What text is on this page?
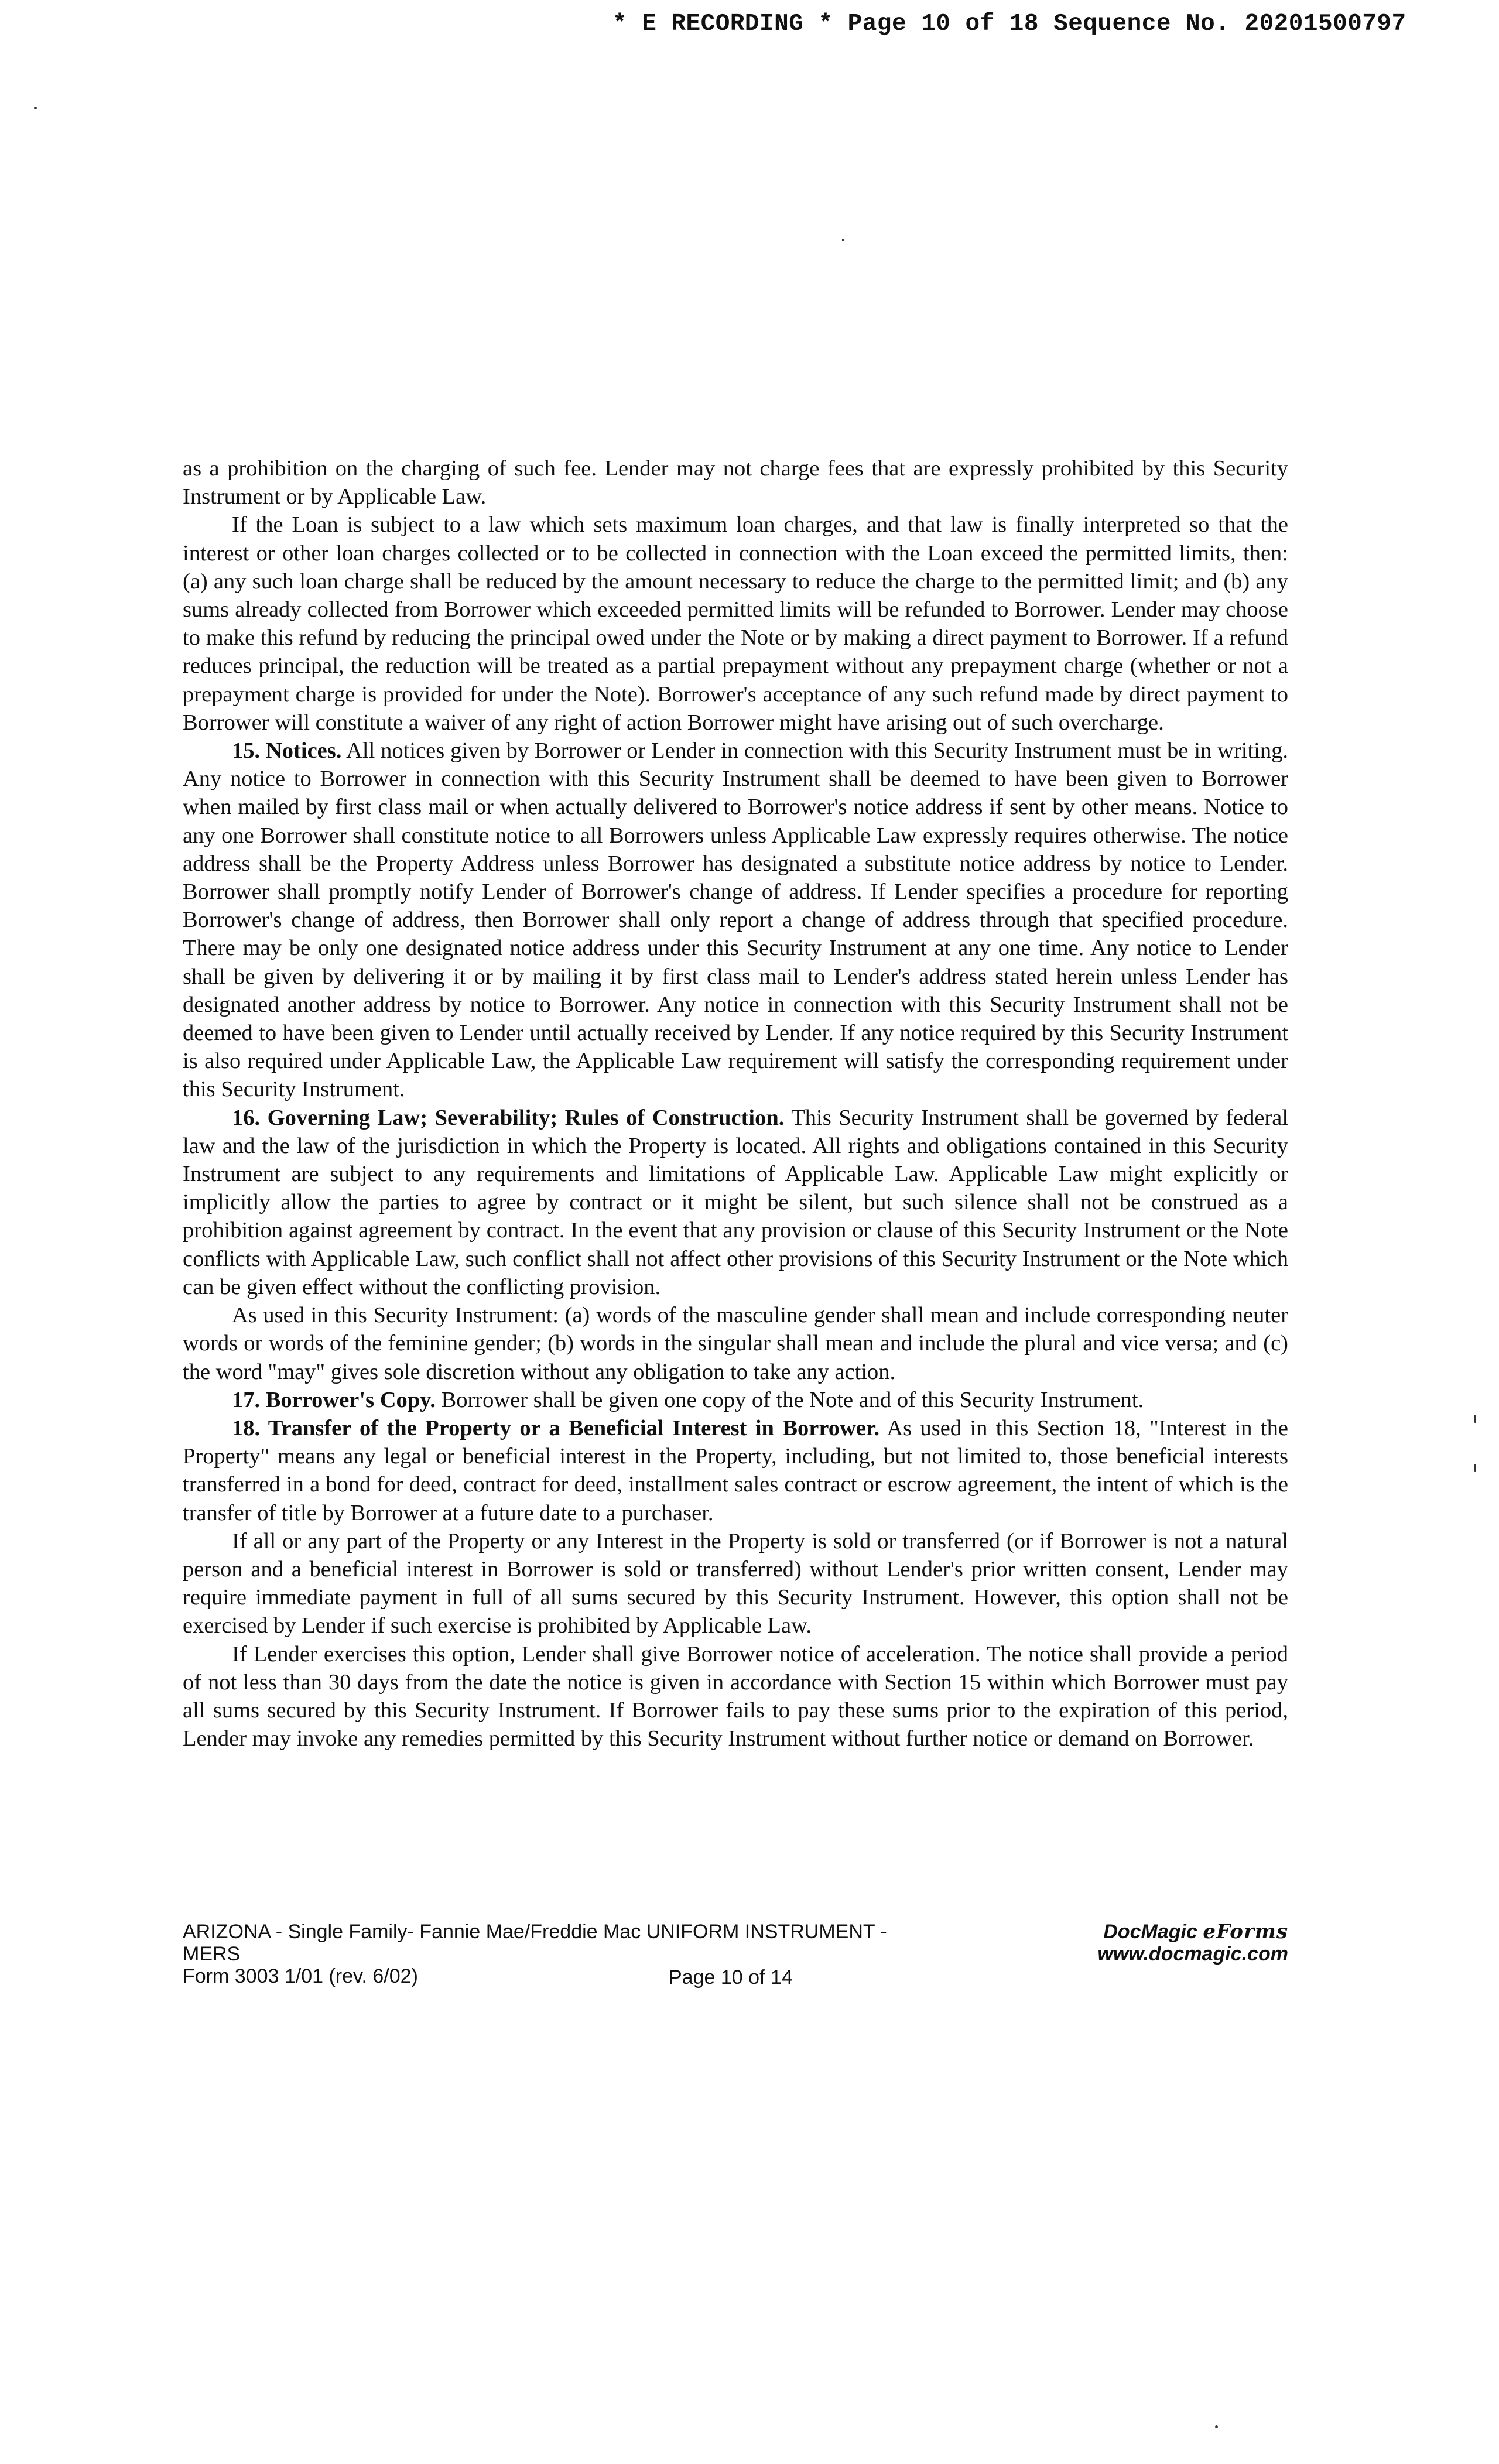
* E RECORDING * Page 10 of 18 Sequence No. 20201500797

as a prohibition on the charging of such fee. Lender may not charge fees that are expressly prohibited by this Security Instrument or by Applicable Law.

If the Loan is subject to a law which sets maximum loan charges, and that law is finally interpreted so that the interest or other loan charges collected or to be collected in connection with the Loan exceed the permitted limits, then: (a) any such loan charge shall be reduced by the amount necessary to reduce the charge to the permitted limit; and (b) any sums already collected from Borrower which exceeded permitted limits will be refunded to Borrower. Lender may choose to make this refund by reducing the principal owed under the Note or by making a direct payment to Borrower. If a refund reduces principal, the reduction will be treated as a partial prepayment without any prepayment charge (whether or not a prepayment charge is provided for under the Note). Borrower's acceptance of any such refund made by direct payment to Borrower will constitute a waiver of any right of action Borrower might have arising out of such overcharge.

15. Notices. All notices given by Borrower or Lender in connection with this Security Instrument must be in writing. Any notice to Borrower in connection with this Security Instrument shall be deemed to have been given to Borrower when mailed by first class mail or when actually delivered to Borrower's notice address if sent by other means. Notice to any one Borrower shall constitute notice to all Borrowers unless Applicable Law expressly requires otherwise. The notice address shall be the Property Address unless Borrower has designated a substitute notice address by notice to Lender. Borrower shall promptly notify Lender of Borrower's change of address. If Lender specifies a procedure for reporting Borrower's change of address, then Borrower shall only report a change of address through that specified procedure. There may be only one designated notice address under this Security Instrument at any one time. Any notice to Lender shall be given by delivering it or by mailing it by first class mail to Lender's address stated herein unless Lender has designated another address by notice to Borrower. Any notice in connection with this Security Instrument shall not be deemed to have been given to Lender until actually received by Lender. If any notice required by this Security Instrument is also required under Applicable Law, the Applicable Law requirement will satisfy the corresponding requirement under this Security Instrument.

16. Governing Law; Severability; Rules of Construction. This Security Instrument shall be governed by federal law and the law of the jurisdiction in which the Property is located. All rights and obligations contained in this Security Instrument are subject to any requirements and limitations of Applicable Law. Applicable Law might explicitly or implicitly allow the parties to agree by contract or it might be silent, but such silence shall not be construed as a prohibition against agreement by contract. In the event that any provision or clause of this Security Instrument or the Note conflicts with Applicable Law, such conflict shall not affect other provisions of this Security Instrument or the Note which can be given effect without the conflicting provision.

As used in this Security Instrument: (a) words of the masculine gender shall mean and include corresponding neuter words or words of the feminine gender; (b) words in the singular shall mean and include the plural and vice versa; and (c) the word "may" gives sole discretion without any obligation to take any action.

17. Borrower's Copy. Borrower shall be given one copy of the Note and of this Security Instrument.

18. Transfer of the Property or a Beneficial Interest in Borrower. As used in this Section 18, "Interest in the Property" means any legal or beneficial interest in the Property, including, but not limited to, those beneficial interests transferred in a bond for deed, contract for deed, installment sales contract or escrow agreement, the intent of which is the transfer of title by Borrower at a future date to a purchaser.

If all or any part of the Property or any Interest in the Property is sold or transferred (or if Borrower is not a natural person and a beneficial interest in Borrower is sold or transferred) without Lender's prior written consent, Lender may require immediate payment in full of all sums secured by this Security Instrument. However, this option shall not be exercised by Lender if such exercise is prohibited by Applicable Law.

If Lender exercises this option, Lender shall give Borrower notice of acceleration. The notice shall provide a period of not less than 30 days from the date the notice is given in accordance with Section 15 within which Borrower must pay all sums secured by this Security Instrument. If Borrower fails to pay these sums prior to the expiration of this period, Lender may invoke any remedies permitted by this Security Instrument without further notice or demand on Borrower.

ARIZONA - Single Family- Fannie Mae/Freddie Mac UNIFORM INSTRUMENT - MERS
Form 3003 1/01 (rev. 6/02)
DocMagic eForms
www.docmagic.com
Page 10 of 14
